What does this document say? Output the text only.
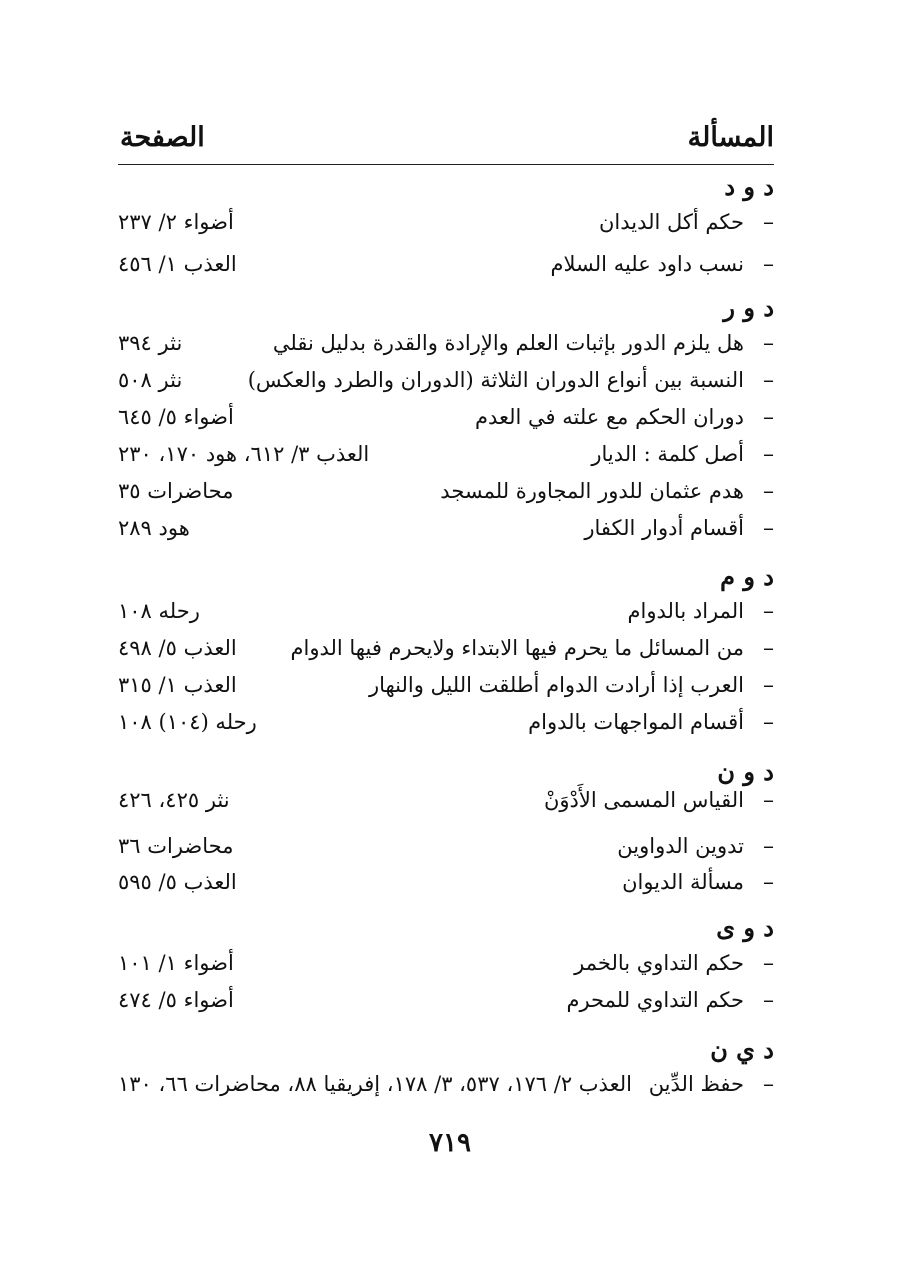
المسألة
الصفحة
د و د
–
حكم أكل الديدان
أضواء ٢/ ٢٣٧
–
نسب داود عليه السلام
العذب ١/ ٤٥٦
د و ر
–
هل يلزم الدور بإثبات العلم والإرادة والقدرة بدليل نقلي
نثر ٣٩٤
–
النسبة بين أنواع الدوران الثلاثة (الدوران والطرد والعكس)
نثر ٥٠٨
–
دوران الحكم مع علته في العدم
أضواء ٥/ ٦٤٥
–
أصل كلمة : الديار
العذب ٣/ ٦١٢، هود ١٧٠، ٢٣٠
–
هدم عثمان للدور المجاورة للمسجد
محاضرات ٣٥
–
أقسام أدوار الكفار
هود ٢٨٩
د و م
–
المراد بالدوام
رحله ١٠٨
–
من المسائل ما يحرم فيها الابتداء ولايحرم فيها الدوام
العذب ٥/ ٤٩٨
–
العرب إذا أرادت الدوام أطلقت الليل والنهار
العذب ١/ ٣١٥
–
أقسام المواجهات بالدوام
رحله (١٠٤) ١٠٨
د و ن
–
القياس المسمى الأَدْوَنْ
نثر ٤٢٥، ٤٢٦
–
تدوين الدواوين
محاضرات ٣٦
–
مسألة الديوان
العذب ٥/ ٥٩٥
د و ى
–
حكم التداوي بالخمر
أضواء ١/ ١٠١
–
حكم التداوي للمحرم
أضواء ٥/ ٤٧٤
د ي ن
–
حفظ الدِّين
العذب ٢/ ١٧٦، ٥٣٧، ٣/ ١٧٨، إفريقيا ٨٨، محاضرات ٦٦، ١٣٠
٧١٩
